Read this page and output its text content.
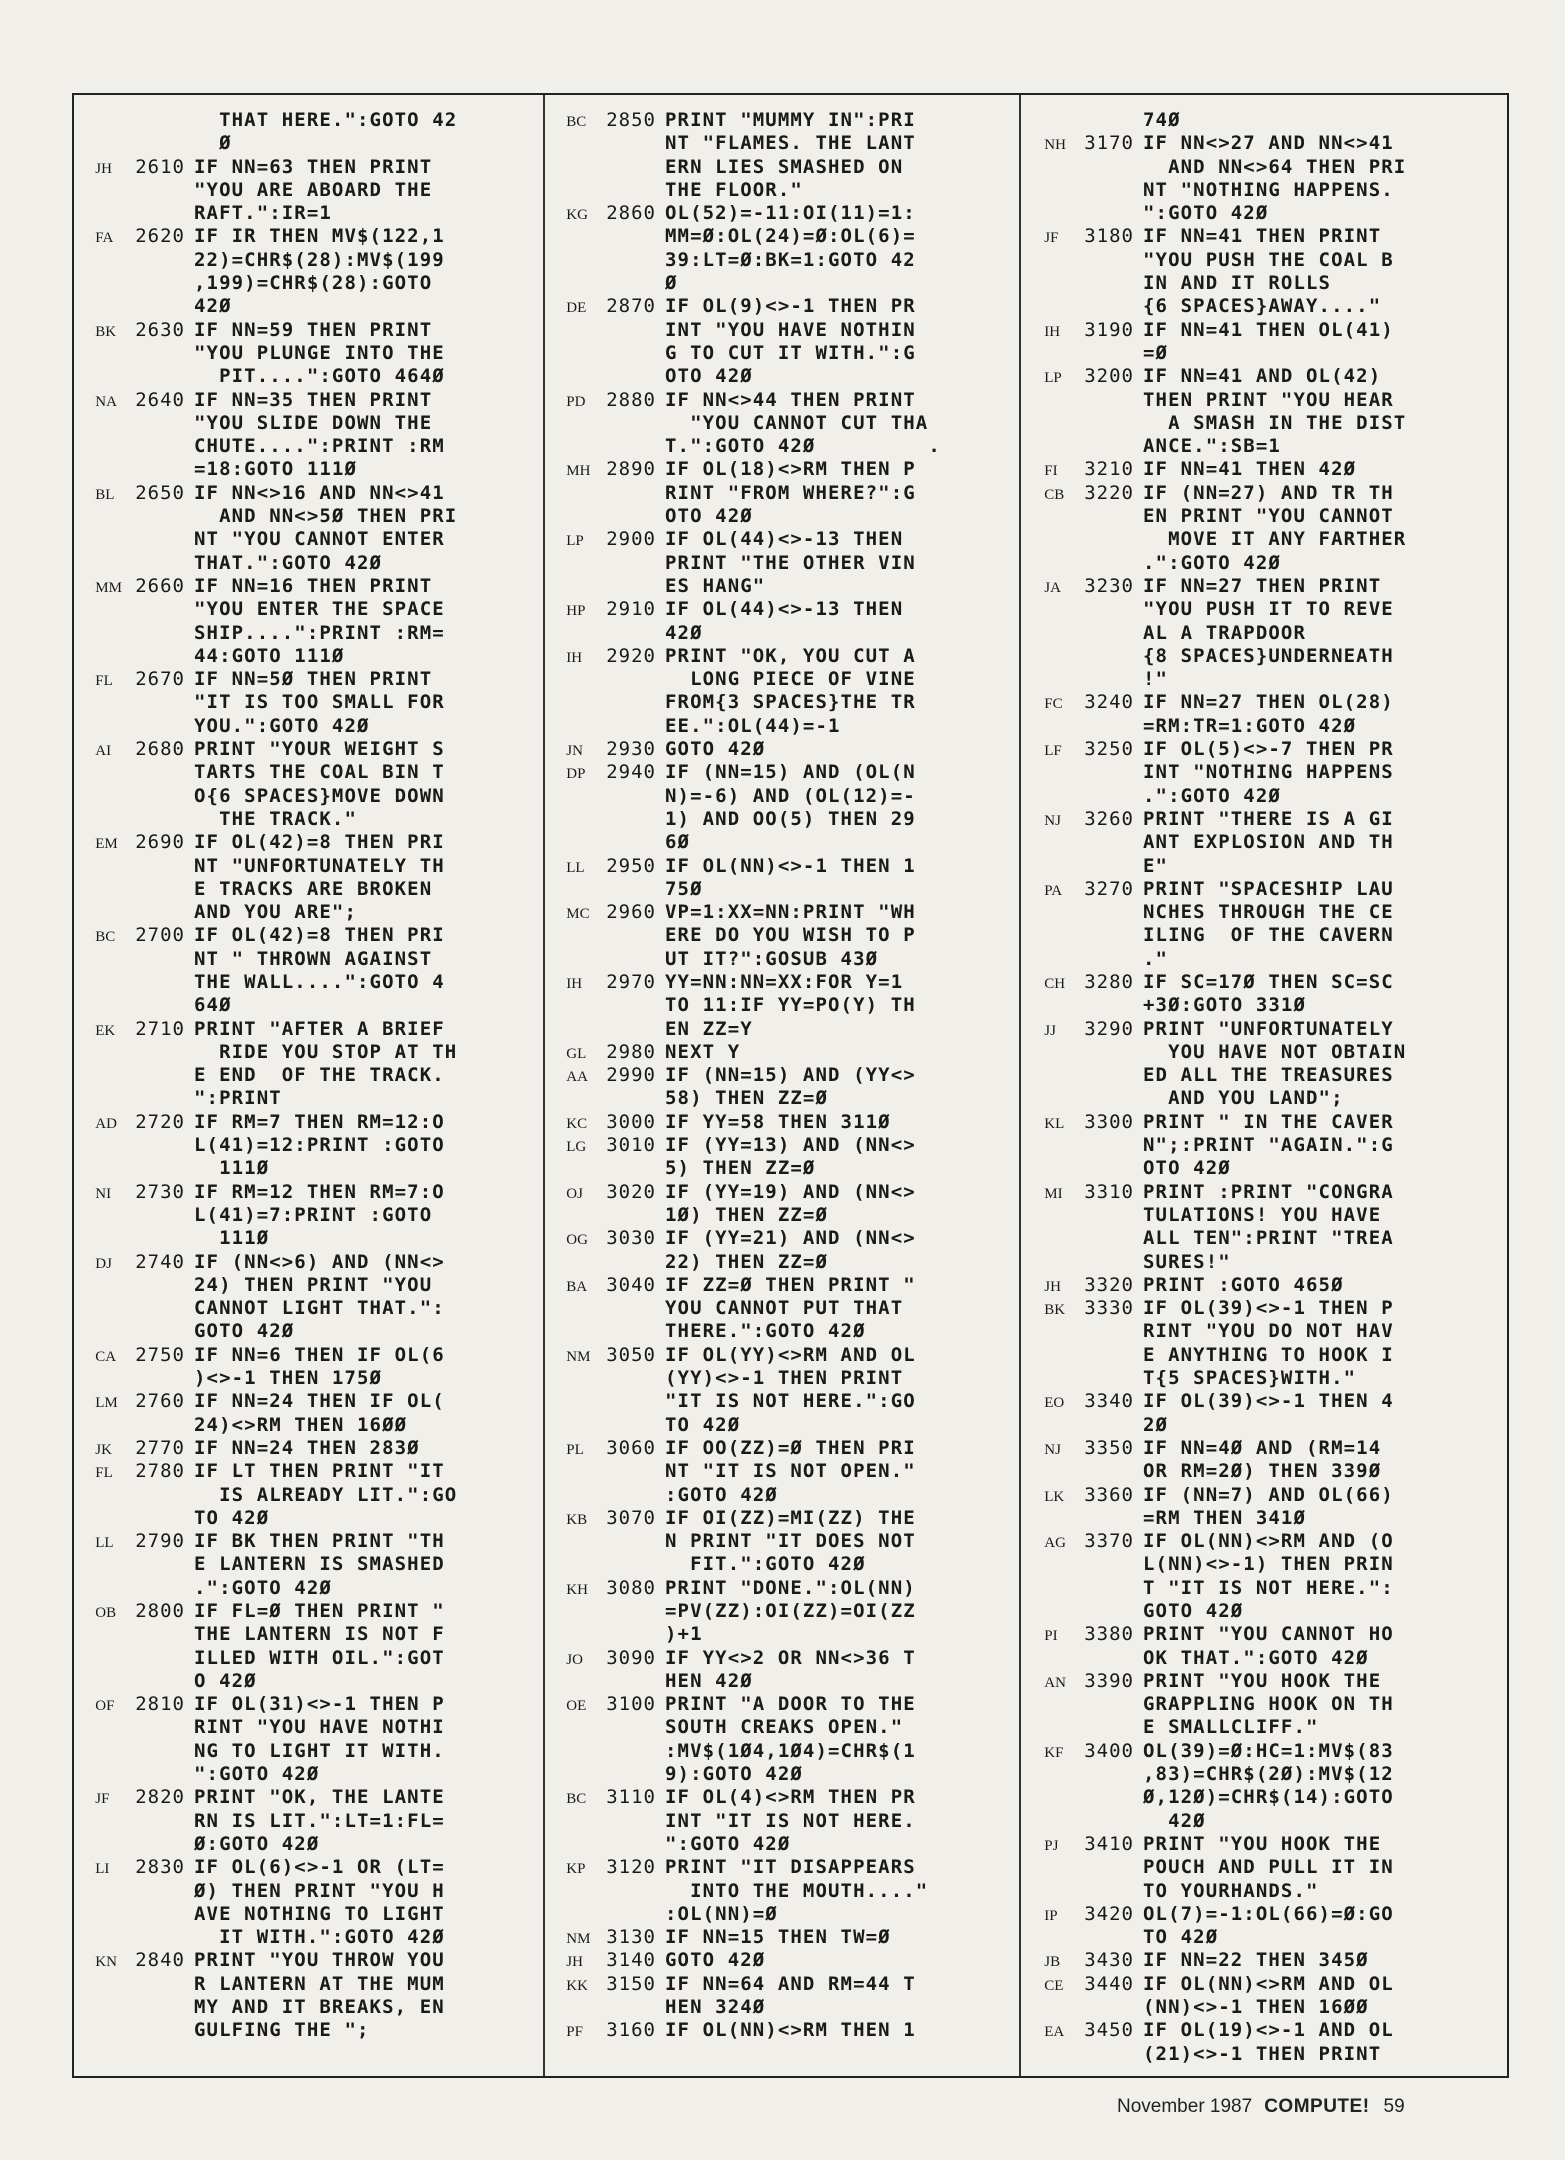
THAT HERE.":GOTO 42
Ø
JH 2610 IF NN=63 THEN PRINT
"YOU ARE ABOARD THE
RAFT.":IR=1
FA 2620 IF IR THEN MV$(122,1
22)=CHR$(28):MV$(199
,199)=CHR$(28):GOTO
42Ø
BK 2630 IF NN=59 THEN PRINT
"YOU PLUNGE INTO THE
PIT....":GOTO 464Ø
NA 2640 IF NN=35 THEN PRINT
"YOU SLIDE DOWN THE
CHUTE....":PRINT :RM
=18:GOTO 111Ø
BL 2650 IF NN<>16 AND NN<>41
AND NN<>5Ø THEN PRI
NT "YOU CANNOT ENTER
THAT.":GOTO 42Ø
MM 2660 IF NN=16 THEN PRINT
"YOU ENTER THE SPACE
SHIP....":PRINT :RM=
44:GOTO 111Ø
FL 2670 IF NN=5Ø THEN PRINT
"IT IS TOO SMALL FOR
YOU.":GOTO 42Ø
AI 2680 PRINT "YOUR WEIGHT S
TARTS THE COAL BIN T
O{6 SPACES}MOVE DOWN
THE TRACK."
EM 2690 IF OL(42)=8 THEN PRI
NT "UNFORTUNATELY TH
E TRACKS ARE BROKEN
AND YOU ARE";
BC 2700 IF OL(42)=8 THEN PRI
NT " THROWN AGAINST
THE WALL....":GOTO 4
64Ø
EK 2710 PRINT "AFTER A BRIEF
RIDE YOU STOP AT TH
E END  OF THE TRACK.
":PRINT
AD 2720 IF RM=7 THEN RM=12:O
L(41)=12:PRINT :GOTO
111Ø
NI 2730 IF RM=12 THEN RM=7:O
L(41)=7:PRINT :GOTO
111Ø
DJ 2740 IF (NN<>6) AND (NN<>
24) THEN PRINT "YOU
CANNOT LIGHT THAT.":
GOTO 42Ø
CA 2750 IF NN=6 THEN IF OL(6
)<>-1 THEN 175Ø
LM 2760 IF NN=24 THEN IF OL(
24)<>RM THEN 16ØØ
JK 2770 IF NN=24 THEN 283Ø
FL 2780 IF LT THEN PRINT "IT
IS ALREADY LIT.":GO
TO 42Ø
LL 2790 IF BK THEN PRINT "TH
E LANTERN IS SMASHED
.":GOTO 42Ø
OB 2800 IF FL=Ø THEN PRINT "
THE LANTERN IS NOT F
ILLED WITH OIL.":GOT
O 42Ø
OF 2810 IF OL(31)<>-1 THEN P
RINT "YOU HAVE NOTHI
NG TO LIGHT IT WITH.
":GOTO 42Ø
JF 2820 PRINT "OK, THE LANTE
RN IS LIT.":LT=1:FL=
Ø:GOTO 42Ø
LI 2830 IF OL(6)<>-1 OR (LT=
Ø) THEN PRINT "YOU H
AVE NOTHING TO LIGHT
IT WITH.":GOTO 42Ø
KN 2840 PRINT "YOU THROW YOU
R LANTERN AT THE MUM
MY AND IT BREAKS, EN
GULFING THE ";
BC 2850 PRINT "MUMMY IN":PRI
NT "FLAMES. THE LANT
ERN LIES SMASHED ON
THE FLOOR."
KG 2860 OL(52)=-11:OI(11)=1:
MM=Ø:OL(24)=Ø:OL(6)=
39:LT=Ø:BK=1:GOTO 42
Ø
DE 2870 IF OL(9)<>-1 THEN PR
INT "YOU HAVE NOTHIN
G TO CUT IT WITH.":G
OTO 42Ø
PD 2880 IF NN<>44 THEN PRINT
"YOU CANNOT CUT THA
T.":GOTO 42Ø         .
MH 2890 IF OL(18)<>RM THEN P
RINT "FROM WHERE?":G
OTO 42Ø
LP 2900 IF OL(44)<>-13 THEN
PRINT "THE OTHER VIN
ES HANG"
HP 2910 IF OL(44)<>-13 THEN
42Ø
IH 2920 PRINT "OK, YOU CUT A
LONG PIECE OF VINE
FROM{3 SPACES}THE TR
EE.":OL(44)=-1
JN 2930 GOTO 42Ø
DP 2940 IF (NN=15) AND (OL(N
N)=-6) AND (OL(12)=-
1) AND OO(5) THEN 29
6Ø
LL 2950 IF OL(NN)<>-1 THEN 1
75Ø
MC 2960 VP=1:XX=NN:PRINT "WH
ERE DO YOU WISH TO P
UT IT?":GOSUB 43Ø
IH 2970 YY=NN:NN=XX:FOR Y=1
TO 11:IF YY=PO(Y) TH
EN ZZ=Y
GL 2980 NEXT Y
AA 2990 IF (NN=15) AND (YY<>
58) THEN ZZ=Ø
KC 3000 IF YY=58 THEN 311Ø
LG 3010 IF (YY=13) AND (NN<>
5) THEN ZZ=Ø
OJ 3020 IF (YY=19) AND (NN<>
1Ø) THEN ZZ=Ø
OG 3030 IF (YY=21) AND (NN<>
22) THEN ZZ=Ø
BA 3040 IF ZZ=Ø THEN PRINT "
YOU CANNOT PUT THAT
THERE.":GOTO 42Ø
NM 3050 IF OL(YY)<>RM AND OL
(YY)<>-1 THEN PRINT
"IT IS NOT HERE.":GO
TO 42Ø
PL 3060 IF OO(ZZ)=Ø THEN PRI
NT "IT IS NOT OPEN."
:GOTO 42Ø
KB 3070 IF OI(ZZ)=MI(ZZ) THE
N PRINT "IT DOES NOT
FIT.":GOTO 42Ø
KH 3080 PRINT "DONE.":OL(NN)
=PV(ZZ):OI(ZZ)=OI(ZZ
)+1
JO 3090 IF YY<>2 OR NN<>36 T
HEN 42Ø
OE 3100 PRINT "A DOOR TO THE
SOUTH CREAKS OPEN."
:MV$(1Ø4,1Ø4)=CHR$(1
9):GOTO 42Ø
BC 3110 IF OL(4)<>RM THEN PR
INT "IT IS NOT HERE.
":GOTO 42Ø
KP 3120 PRINT "IT DISAPPEARS
INTO THE MOUTH...."
:OL(NN)=Ø
NM 3130 IF NN=15 THEN TW=Ø
JH 3140 GOTO 42Ø
KK 3150 IF NN=64 AND RM=44 T
HEN 324Ø
PF 3160 IF OL(NN)<>RM THEN 1
74Ø
NH 3170 IF NN<>27 AND NN<>41
AND NN<>64 THEN PRI
NT "NOTHING HAPPENS.
":GOTO 42Ø
JF 3180 IF NN=41 THEN PRINT
"YOU PUSH THE COAL B
IN AND IT ROLLS
{6 SPACES}AWAY...."
IH 3190 IF NN=41 THEN OL(41)
=Ø
LP 3200 IF NN=41 AND OL(42)
THEN PRINT "YOU HEAR
A SMASH IN THE DIST
ANCE.":SB=1
FI 3210 IF NN=41 THEN 42Ø
CB 3220 IF (NN=27) AND TR TH
EN PRINT "YOU CANNOT
MOVE IT ANY FARTHER
.":GOTO 42Ø
JA 3230 IF NN=27 THEN PRINT
"YOU PUSH IT TO REVE
AL A TRAPDOOR
{8 SPACES}UNDERNEATH
!"
FC 3240 IF NN=27 THEN OL(28)
=RM:TR=1:GOTO 42Ø
LF 3250 IF OL(5)<>-7 THEN PR
INT "NOTHING HAPPENS
.":GOTO 42Ø
NJ 3260 PRINT "THERE IS A GI
ANT EXPLOSION AND TH
E"
PA 3270 PRINT "SPACESHIP LAU
NCHES THROUGH THE CE
ILING  OF THE CAVERN
."
CH 3280 IF SC=17Ø THEN SC=SC
+3Ø:GOTO 331Ø
JJ 3290 PRINT "UNFORTUNATELY
YOU HAVE NOT OBTAIN
ED ALL THE TREASURES
AND YOU LAND";
KL 3300 PRINT " IN THE CAVER
N";:PRINT "AGAIN.":G
OTO 42Ø
MI 3310 PRINT :PRINT "CONGRA
TULATIONS! YOU HAVE
ALL TEN":PRINT "TREA
SURES!"
JH 3320 PRINT :GOTO 465Ø
BK 3330 IF OL(39)<>-1 THEN P
RINT "YOU DO NOT HAV
E ANYTHING TO HOOK I
T{5 SPACES}WITH."
EO 3340 IF OL(39)<>-1 THEN 4
2Ø
NJ 3350 IF NN=4Ø AND (RM=14
OR RM=2Ø) THEN 339Ø
LK 3360 IF (NN=7) AND OL(66)
=RM THEN 341Ø
AG 3370 IF OL(NN)<>RM AND (O
L(NN)<>-1) THEN PRIN
T "IT IS NOT HERE.":
GOTO 42Ø
PI 3380 PRINT "YOU CANNOT HO
OK THAT.":GOTO 42Ø
AN 3390 PRINT "YOU HOOK THE
GRAPPLING HOOK ON TH
E SMALLCLIFF."
KF 3400 OL(39)=Ø:HC=1:MV$(83
,83)=CHR$(2Ø):MV$(12
Ø,12Ø)=CHR$(14):GOTO
42Ø
PJ 3410 PRINT "YOU HOOK THE
POUCH AND PULL IT IN
TO YOURHANDS."
IP 3420 OL(7)=-1:OL(66)=Ø:GO
TO 42Ø
JB 3430 IF NN=22 THEN 345Ø
CE 3440 IF OL(NN)<>RM AND OL
(NN)<>-1 THEN 16ØØ
EA 3450 IF OL(19)<>-1 AND OL
(21)<>-1 THEN PRINT
November 1987 COMPUTE! 59
